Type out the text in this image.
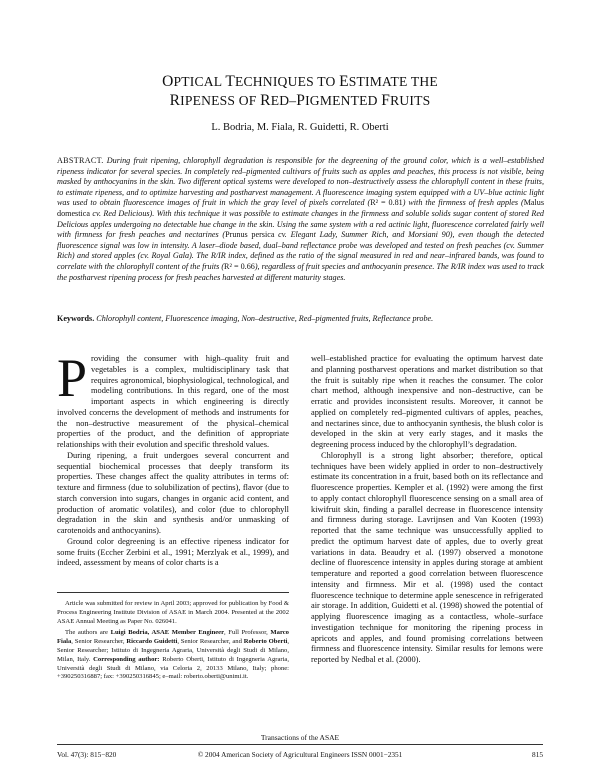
OPTICAL TECHNIQUES TO ESTIMATE THE
RIPENESS OF RED–PIGMENTED FRUITS
L. Bodria, M. Fiala, R. Guidetti, R. Oberti
ABSTRACT. During fruit ripening, chlorophyll degradation is responsible for the degreening of the ground color, which is a well–established ripeness indicator for several species. In completely red–pigmented cultivars of fruits such as apples and peaches, this process is not visible, being masked by anthocyanins in the skin. Two different optical systems were developed to non–destructively assess the chlorophyll content in these fruits, to estimate ripeness, and to optimize harvesting and postharvest management. A fluorescence imaging system equipped with a UV–blue actinic light was used to obtain fluorescence images of fruit in which the gray level of pixels correlated (R² = 0.81) with the firmness of fresh apples (Malus domestica cv. Red Delicious). With this technique it was possible to estimate changes in the firmness and soluble solids sugar content of stored Red Delicious apples undergoing no detectable hue change in the skin. Using the same system with a red actinic light, fluorescence correlated fairly well with firmness for fresh peaches and nectarines (Prunus persica cv. Elegant Lady, Summer Rich, and Morsiani 90), even though the detected fluorescence signal was low in intensity. A laser–diode based, dual–band reflectance probe was developed and tested on fresh peaches (cv. Summer Rich) and stored apples (cv. Royal Gala). The R/IR index, defined as the ratio of the signal measured in red and near–infrared bands, was found to correlate with the chlorophyll content of the fruits (R² = 0.66), regardless of fruit species and anthocyanin presence. The R/IR index was used to track the postharvest ripening process for fresh peaches harvested at different maturity stages.
Keywords. Chlorophyll content, Fluorescence imaging, Non–destructive, Red–pigmented fruits, Reflectance probe.

Providing the consumer with high–quality fruit and vegetables is a complex, multidisciplinary task that requires agronomical, biophysiological, technological, and modeling contributions. In this regard, one of the most important aspects in which engineering is directly involved concerns the development of methods and instruments for the non–destructive measurement of the physical–chemical properties of the product, and the definition of appropriate relationships with their evolution and specific threshold values.

During ripening, a fruit undergoes several concurrent and sequential biochemical processes that deeply transform its properties. These changes affect the quality attributes in terms of: texture and firmness (due to solubilization of pectins), flavor (due to starch conversion into sugars, changes in organic acid content, and production of aromatic volatiles), and color (due to chlorophyll degradation in the skin and synthesis and/or unmasking of carotenoids and anthocyanins).

Ground color degreening is an effective ripeness indicator for some fruits (Eccher Zerbini et al., 1991; Merzlyak et al., 1999), and indeed, assessment by means of color charts is a

Article was submitted for review in April 2003; approved for publication by Food & Process Engineering Institute Division of ASAE in March 2004. Presented at the 2002 ASAE Annual Meeting as Paper No. 026041.

The authors are Luigi Bodria, ASAE Member Engineer, Full Professor, Marco Fiala, Senior Researcher, Riccardo Guidetti, Senior Researcher, and Roberto Oberti, Senior Researcher; Istituto di Ingegneria Agraria, Università degli Studi di Milano, Milan, Italy. Corresponding author: Roberto Oberti, Istituto di Ingegneria Agraria, Università degli Studi di Milano, via Celoria 2, 20133 Milano, Italy; phone: +390250316887; fax: +390250316845; e–mail: roberto.oberti@unimi.it.

well–established practice for evaluating the optimum harvest date and planning postharvest operations and market distribution so that the fruit is suitably ripe when it reaches the consumer. The color chart method, although inexpensive and non–destructive, can be erratic and provides inconsistent results. Moreover, it cannot be applied on completely red–pigmented cultivars of apples, peaches, and nectarines since, due to anthocyanin synthesis, the blush color is developed in the skin at very early stages, and it masks the degreening process induced by the chlorophyll’s degradation.

Chlorophyll is a strong light absorber; therefore, optical techniques have been widely applied in order to non–destructively estimate its concentration in a fruit, based both on its reflectance and fluorescence properties. Kempler et al. (1992) were among the first to apply contact chlorophyll fluorescence sensing on a small area of kiwifruit skin, finding a parallel decrease in fluorescence intensity and firmness during storage. Lavrijnsen and Van Kooten (1993) reported that the same technique was unsuccessfully applied to predict the optimum harvest date of apples, due to overly great variations in data. Beaudry et al. (1997) observed a monotone decline of fluorescence intensity in apples during storage at ambient temperature and reported a good correlation between fluorescence intensity and firmness. Mir et al. (1998) used the contact fluorescence technique to determine apple senescence in refrigerated air storage. In addition, Guidetti et al. (1998) showed the potential of applying fluorescence imaging as a contactless, whole–surface investigation technique for monitoring the ripening process in apricots and apples, and found promising correlations between firmness and fluorescence intensity. Similar results for lemons were reported by Nedbal et al. (2000).

Transactions of the ASAE
Vol. 47(3): 815−820	© 2004 American Society of Agricultural Engineers ISSN 0001−2351	815
